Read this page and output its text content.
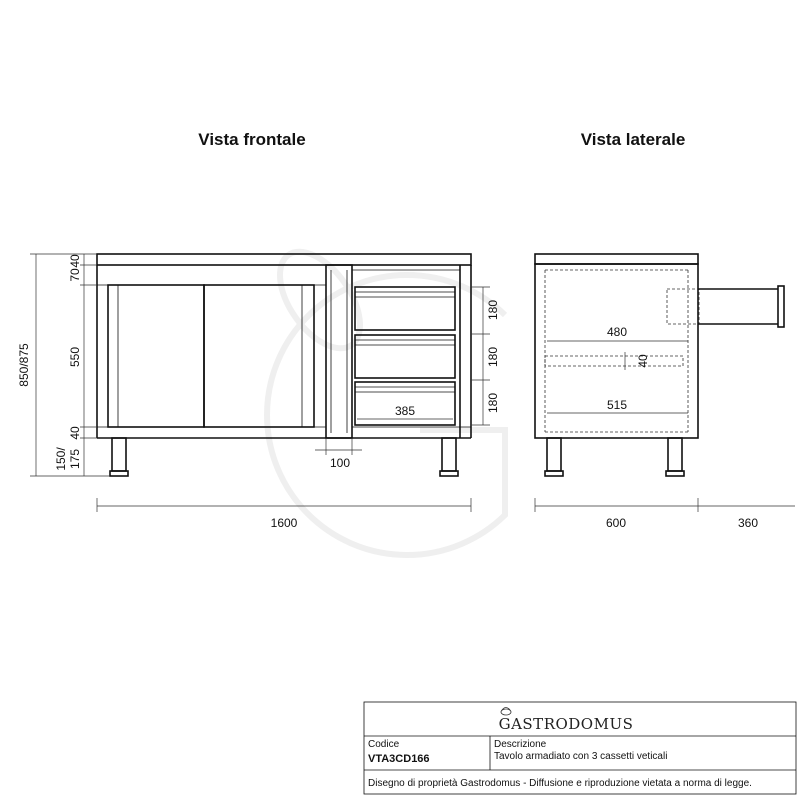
Vista frontale	Vista laterale
850/875
40
70
550
40
175
150/
180
180
180
385
100
1600
480
40
515
600	360
GASTRODOMUS
Codice
VTA3CD166
Descrizione
Tavolo armadiato con 3 cassetti veticali
Disegno di proprietà Gastrodomus - Diffusione e riproduzione vietata a norma di legge.
